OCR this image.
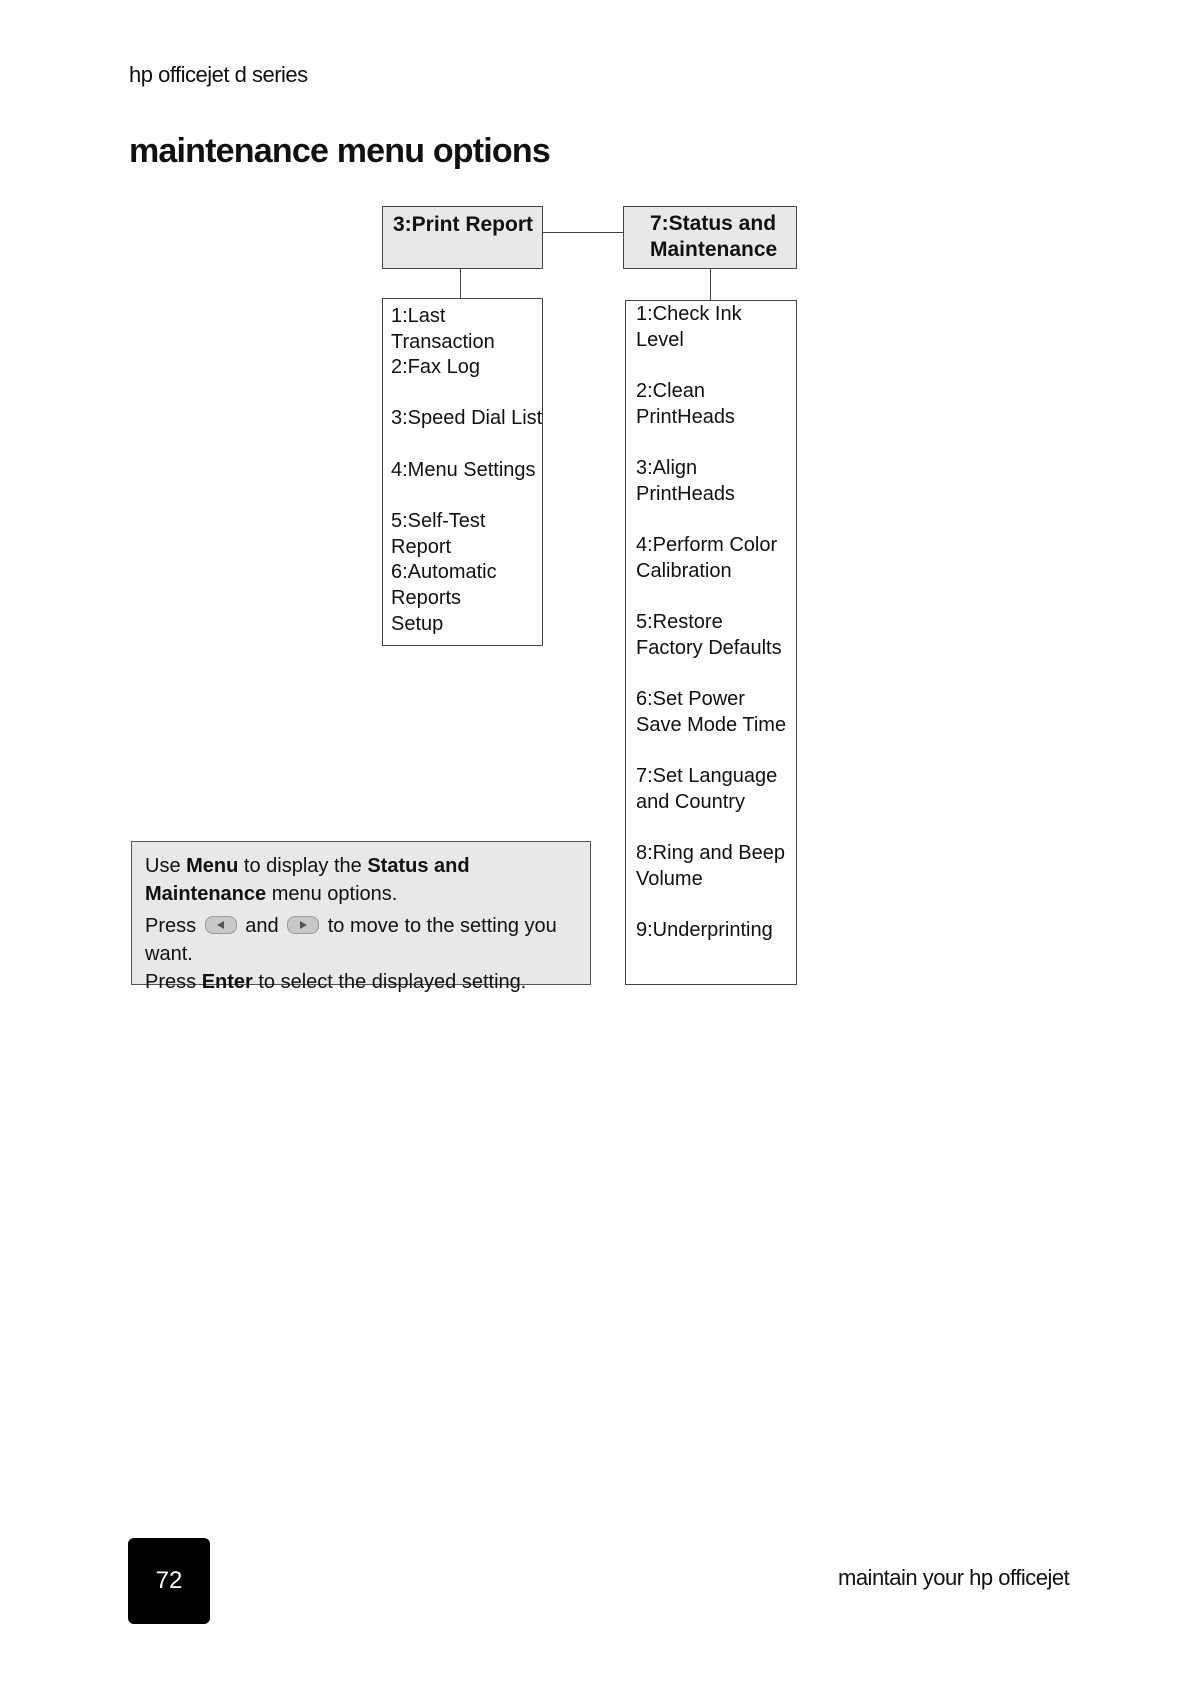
hp officejet d series
maintenance menu options
3:Print Report	7:Status and Maintenance
1:Last Transaction
2:Fax Log
3:Speed Dial List
4:Menu Settings
5:Self-Test Report
6:Automatic Reports Setup
1:Check Ink Level
2:Clean PrintHeads
3:Align PrintHeads
4:Perform Color Calibration
5:Restore Factory Defaults
6:Set Power Save Mode Time
7:Set Language and Country
8:Ring and Beep Volume
9:Underprinting
Use Menu to display the Status and Maintenance menu options.
Press and to move to the setting you want.
Press Enter to select the displayed setting.
72	maintain your hp officejet
